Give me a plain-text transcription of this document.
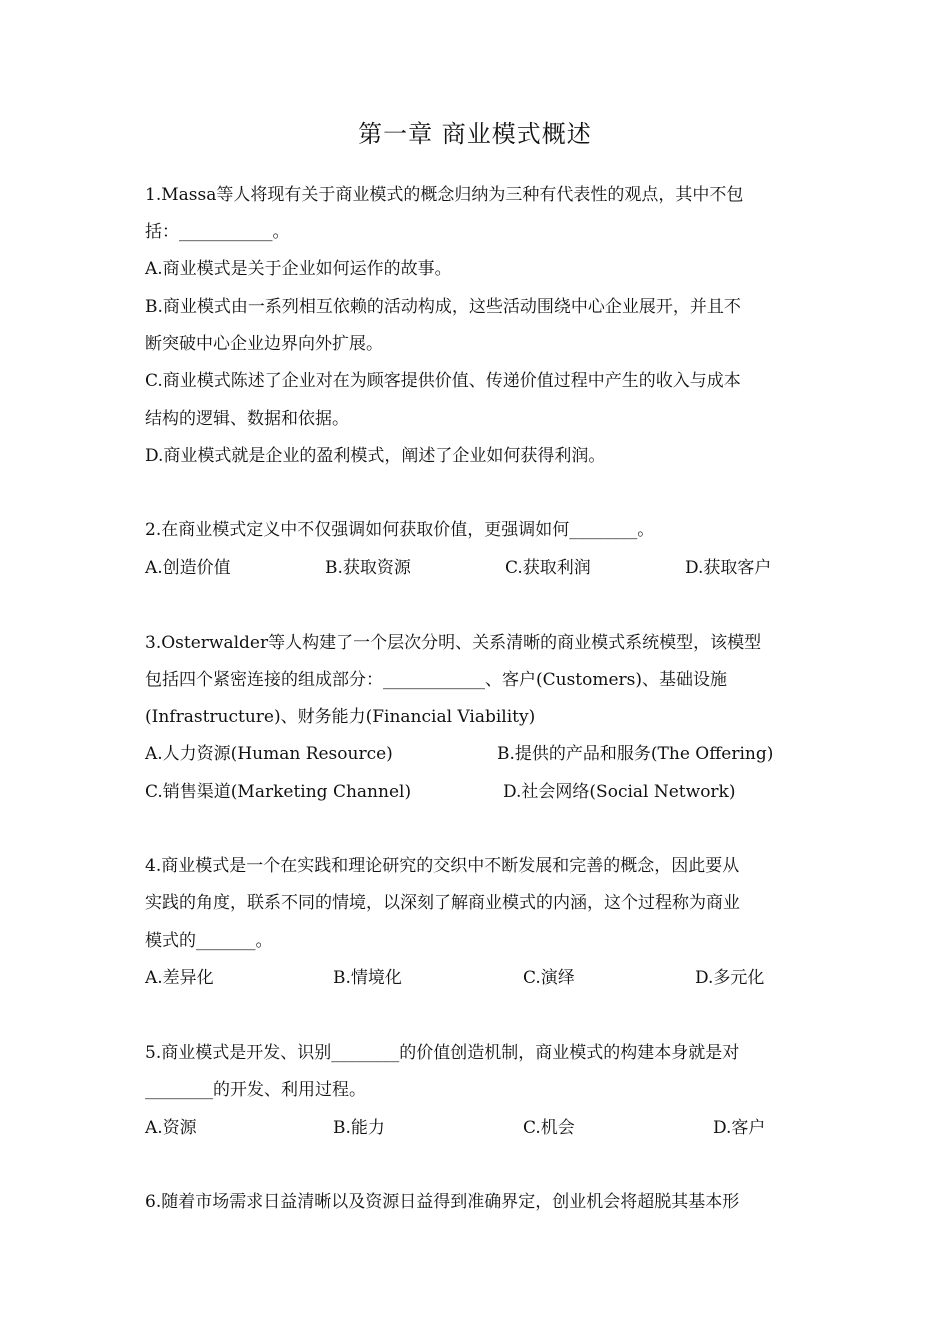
第一章 商业模式概述
1.Massa等人将现有关于商业模式的概念归纳为三种有代表性的观点，其中不包
括：___________。
A.商业模式是关于企业如何运作的故事。
B.商业模式由一系列相互依赖的活动构成，这些活动围绕中心企业展开，并且不
断突破中心企业边界向外扩展。
C.商业模式陈述了企业对在为顾客提供价值、传递价值过程中产生的收入与成本
结构的逻辑、数据和依据。
D.商业模式就是企业的盈利模式，阐述了企业如何获得利润。
2.在商业模式定义中不仅强调如何获取价值，更强调如何________。
A.创造价值	B.获取资源	C.获取利润	D.获取客户
3.Osterwalder等人构建了一个层次分明、关系清晰的商业模式系统模型，该模型
包括四个紧密连接的组成部分：____________、客户(Customers)、基础设施
(Infrastructure)、财务能力(Financial Viability)
A.人力资源(Human Resource)	B.提供的产品和服务(The Offering)
C.销售渠道(Marketing Channel)	D.社会网络(Social Network)
4.商业模式是一个在实践和理论研究的交织中不断发展和完善的概念，因此要从
实践的角度，联系不同的情境，以深刻了解商业模式的内涵，这个过程称为商业
模式的_______。
A.差异化	B.情境化	C.演绎	D.多元化
5.商业模式是开发、识别________的价值创造机制，商业模式的构建本身就是对
________的开发、利用过程。
A.资源	B.能力	C.机会	D.客户
6.随着市场需求日益清晰以及资源日益得到准确界定，创业机会将超脱其基本形
